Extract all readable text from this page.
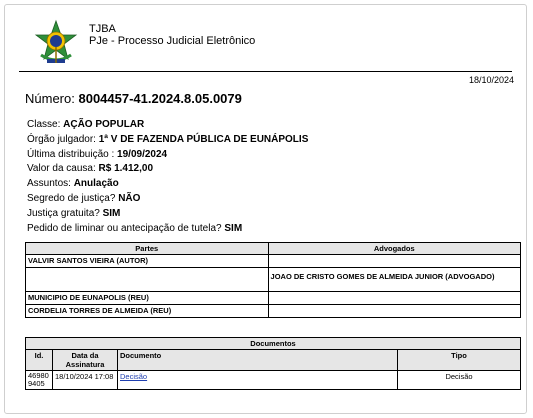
TJBA
PJe - Processo Judicial Eletrônico
18/10/2024
Número: 8004457-41.2024.8.05.0079
Classe: AÇÃO POPULAR
Órgão julgador: 1ª V DE FAZENDA PÚBLICA DE EUNÁPOLIS
Última distribuição : 19/09/2024
Valor da causa: R$ 1.412,00
Assuntos: Anulação
Segredo de justiça? NÃO
Justiça gratuita? SIM
Pedido de liminar ou antecipação de tutela? SIM
Partes	Advogados
VALVIR SANTOS VIEIRA (AUTOR)	
	JOAO DE CRISTO GOMES DE ALMEIDA JUNIOR (ADVOGADO)
MUNICIPIO DE EUNAPOLIS (REU)	
CORDELIA TORRES DE ALMEIDA (REU)	
Documentos			
Id.	Data da Assinatura	Documento	Tipo
46980 9405	18/10/2024 17:08	Decisão	Decisão
